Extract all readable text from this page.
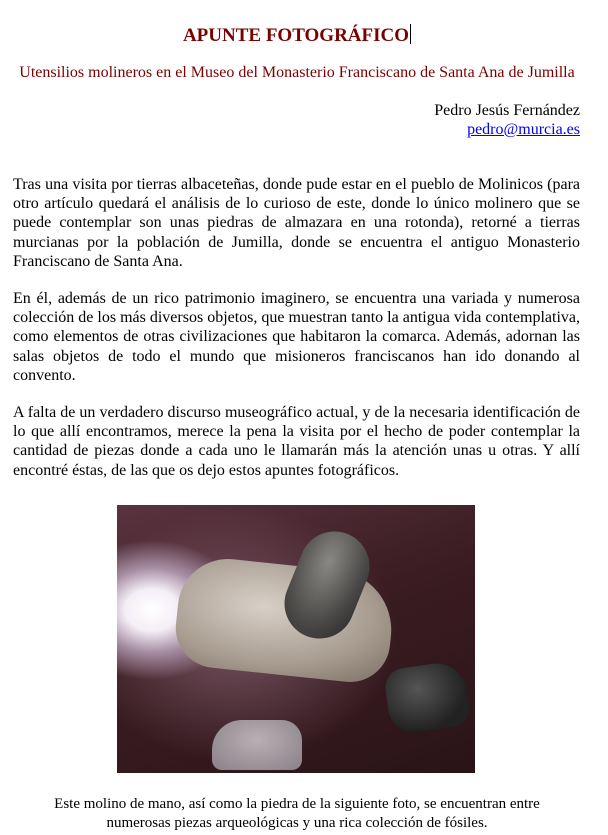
APUNTE FOTOGRÁFICO
Utensilios molineros en el Museo del Monasterio Franciscano de Santa Ana de Jumilla
Pedro Jesús Fernández
pedro@murcia.es

Tras una visita por tierras albaceteñas, donde pude estar en el pueblo de Molinicos (para otro artículo quedará el análisis de lo curioso de este, donde lo único molinero que se puede contemplar son unas piedras de almazara en una rotonda), retorné a tierras murcianas por la población de Jumilla, donde se encuentra el antiguo Monasterio Franciscano de Santa Ana.

En él, además de un rico patrimonio imaginero, se encuentra una variada y numerosa colección de los más diversos objetos, que muestran tanto la antigua vida contemplativa, como elementos de otras civilizaciones que habitaron la comarca. Además, adornan las salas objetos de todo el mundo que misioneros franciscanos han ido donando al convento.

A falta de un verdadero discurso museográfico actual, y de la necesaria identificación de lo que allí encontramos, merece la pena la visita por el hecho de poder contemplar la cantidad de piezas donde a cada uno le llamarán más la atención unas u otras. Y allí encontré éstas, de las que os dejo estos apuntes fotográficos.

Este molino de mano, así como la piedra de la siguiente foto, se encuentran entre
numerosas piezas arqueológicas y una rica colección de fósiles.
